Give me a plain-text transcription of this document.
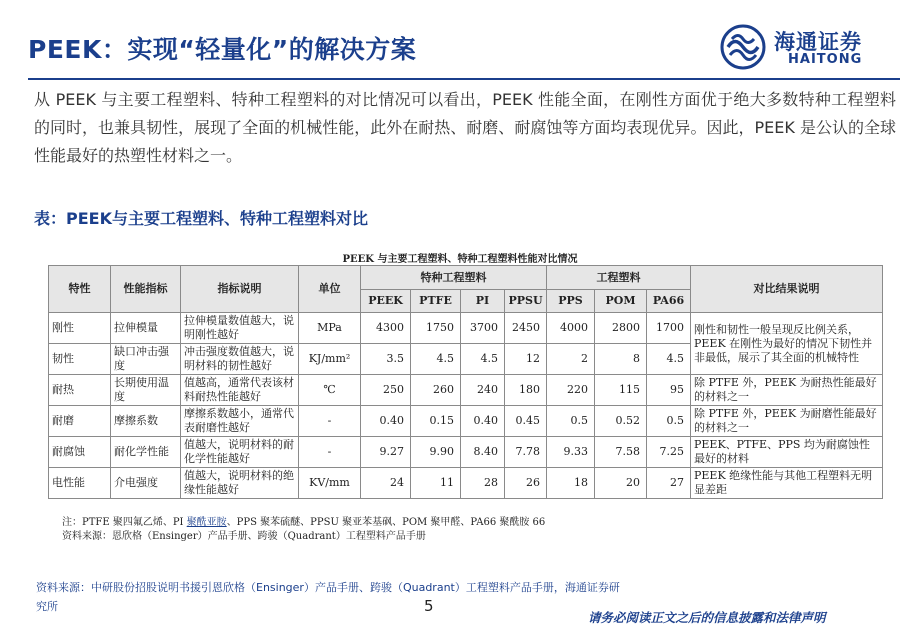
PEEK：实现“轻量化”的解决方案	海通证券
HAITONG

从 PEEK 与主要工程塑料、特种工程塑料的对比情况可以看出，PEEK 性能全面，在刚性方面优于绝大多数特种工程塑料的同时，也兼具韧性，展现了全面的机械性能，此外在耐热、耐磨、耐腐蚀等方面均表现优异。因此，PEEK 是公认的全球性能最好的热塑性材料之一。

表：PEEK与主要工程塑料、特种工程塑料对比
PEEK 与主要工程塑料、特种工程塑料性能对比情况
特性	性能指标	指标说明	单位	特种工程塑料				工程塑料			对比结果说明
				PEEK	PTFE	PI	PPSU	PPS	POM	PA66	
刚性	拉伸模量	拉伸模量数值越大，说明刚性越好	MPa	4300	1750	3700	2450	4000	2800	1700	刚性和韧性一般呈现反比例关系，PEEK 在刚性为最好的情况下韧性并非最低，展示了其全面的机械特性
韧性	缺口冲击强度	冲击强度数值越大，说明材料的韧性越好	KJ/mm²	3.5	4.5	4.5	12	2	8	4.5	
耐热	长期使用温度	值越高，通常代表该材料耐热性能越好	℃	250	260	240	180	220	115	95	除 PTFE 外，PEEK 为耐热性能最好的材料之一
耐磨	摩擦系数	摩擦系数越小，通常代表耐磨性越好	-	0.40	0.15	0.40	0.45	0.5	0.52	0.5	除 PTFE 外，PEEK 为耐磨性能最好的材料之一
耐腐蚀	耐化学性能	值越大，说明材料的耐化学性能越好	-	9.27	9.90	8.40	7.78	9.33	7.58	7.25	PEEK、PTFE、PPS 均为耐腐蚀性最好的材料
电性能	介电强度	值越大，说明材料的绝缘性能越好	KV/mm	24	11	28	26	18	20	27	PEEK 绝缘性能与其他工程塑料无明显差距
注：PTFE 聚四氟乙烯、PI 聚酰亚胺、PPS 聚苯硫醚、PPSU 聚亚苯基砜、POM 聚甲醛、PA66 聚酰胺 66
资料来源：恩欣格（Ensinger）产品手册、跨骏（Quadrant）工程塑料产品手册
资料来源：中研股份招股说明书援引恩欣格（Ensinger）产品手册、跨骏（Quadrant）工程塑料产品手册，海通证券研究所	5
请务必阅读正文之后的信息披露和法律声明
